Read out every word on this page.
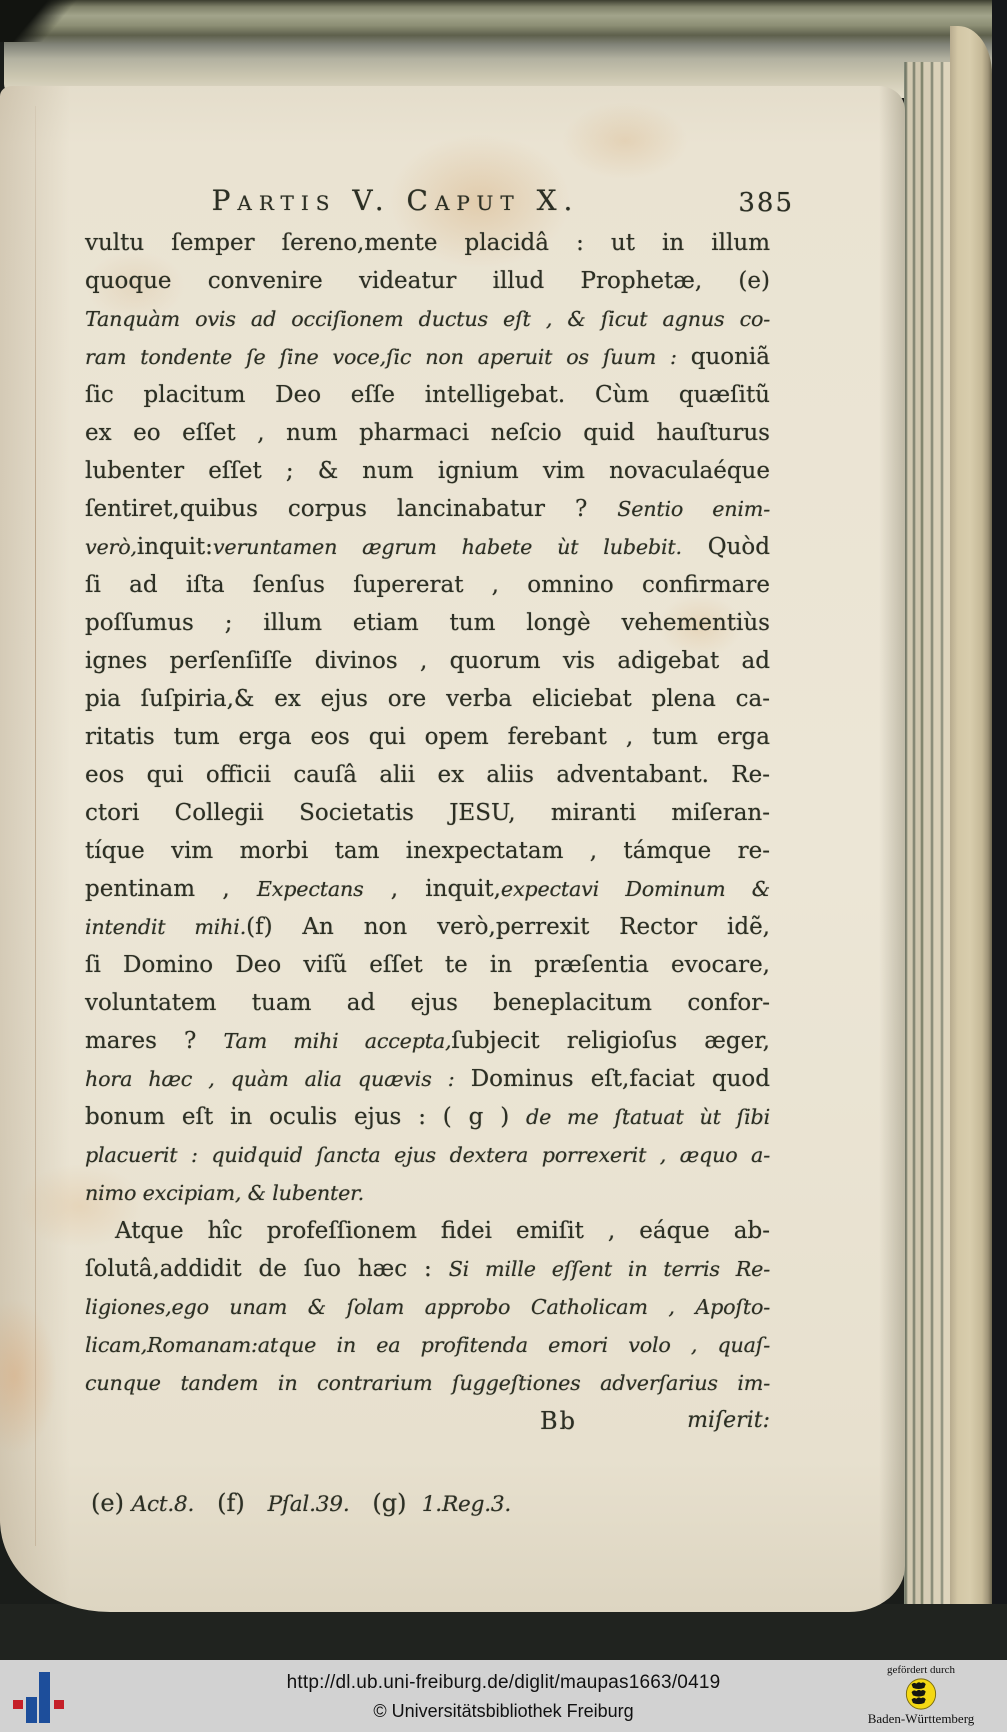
Partis V. Caput X.	385
vultu ſemper ſereno,mente placidâ : ut in illum
quoque convenire videatur illud Prophetæ, (e)
Tanquàm ovis ad occiſionem ductus eſt , & ſicut agnus co-
ram tondente ſe ſine voce,ſic non aperuit os ſuum : quoniã
ſic placitum Deo eſſe intelligebat. Cùm quæſitũ
ex eo eſſet , num pharmaci neſcio quid hauſturus
lubenter eſſet ; & num ignium vim novaculaéque
ſentiret,quibus corpus lancinabatur ? Sentio enim-
verò,inquit:veruntamen ægrum habete ùt lubebit. Quòd
ſi ad iſta ſenſus ſupererat , omnino confirmare
poſſumus ; illum etiam tum longè vehementiùs
ignes perſenſiſſe divinos , quorum vis adigebat ad
pia ſuſpiria,& ex ejus ore verba eliciebat plena ca-
ritatis tum erga eos qui opem ferebant , tum erga
eos qui officii cauſâ alii ex aliis adventabant. Re-
ctori Collegii Societatis JESU, miranti miſeran-
tíque vim morbi tam inexpectatam , támque re-
pentinam , Expectans , inquit,expectavi Dominum &
intendit mihi.(f) An non verò,perrexit Rector idẽ,
ſi Domino Deo viſũ eſſet te in præſentia evocare,
voluntatem tuam ad ejus beneplacitum confor-
mares ? Tam mihi accepta,ſubjecit religioſus æger,
hora hæc , quàm alia quævis : Dominus eſt,faciat quod
bonum eſt in oculis ejus : ( g ) de me ſtatuat ùt ſibi
placuerit : quidquid ſancta ejus dextera porrexerit , æquo a-
nimo excipiam, & lubenter.
Atque hîc profeſſionem fidei emiſit , eáque ab-
ſolutâ,addidit de ſuo hæc : Si mille eſſent in terris Re-
ligiones,ego unam & ſolam approbo Catholicam , Apoſto-
licam,Romanam:atque in ea profitenda emori volo , quaſ-
cunque tandem in contrarium ſuggeſtiones adverſarius im-
Bb	miſerit:
(e) Act.8.   (f)   Pſal.39.   (g)  1.Reg.3.
http://dl.ub.uni-freiburg.de/diglit/maupas1663/0419
© Universitätsbibliothek Freiburg
gefördert durch
Baden-Württemberg
